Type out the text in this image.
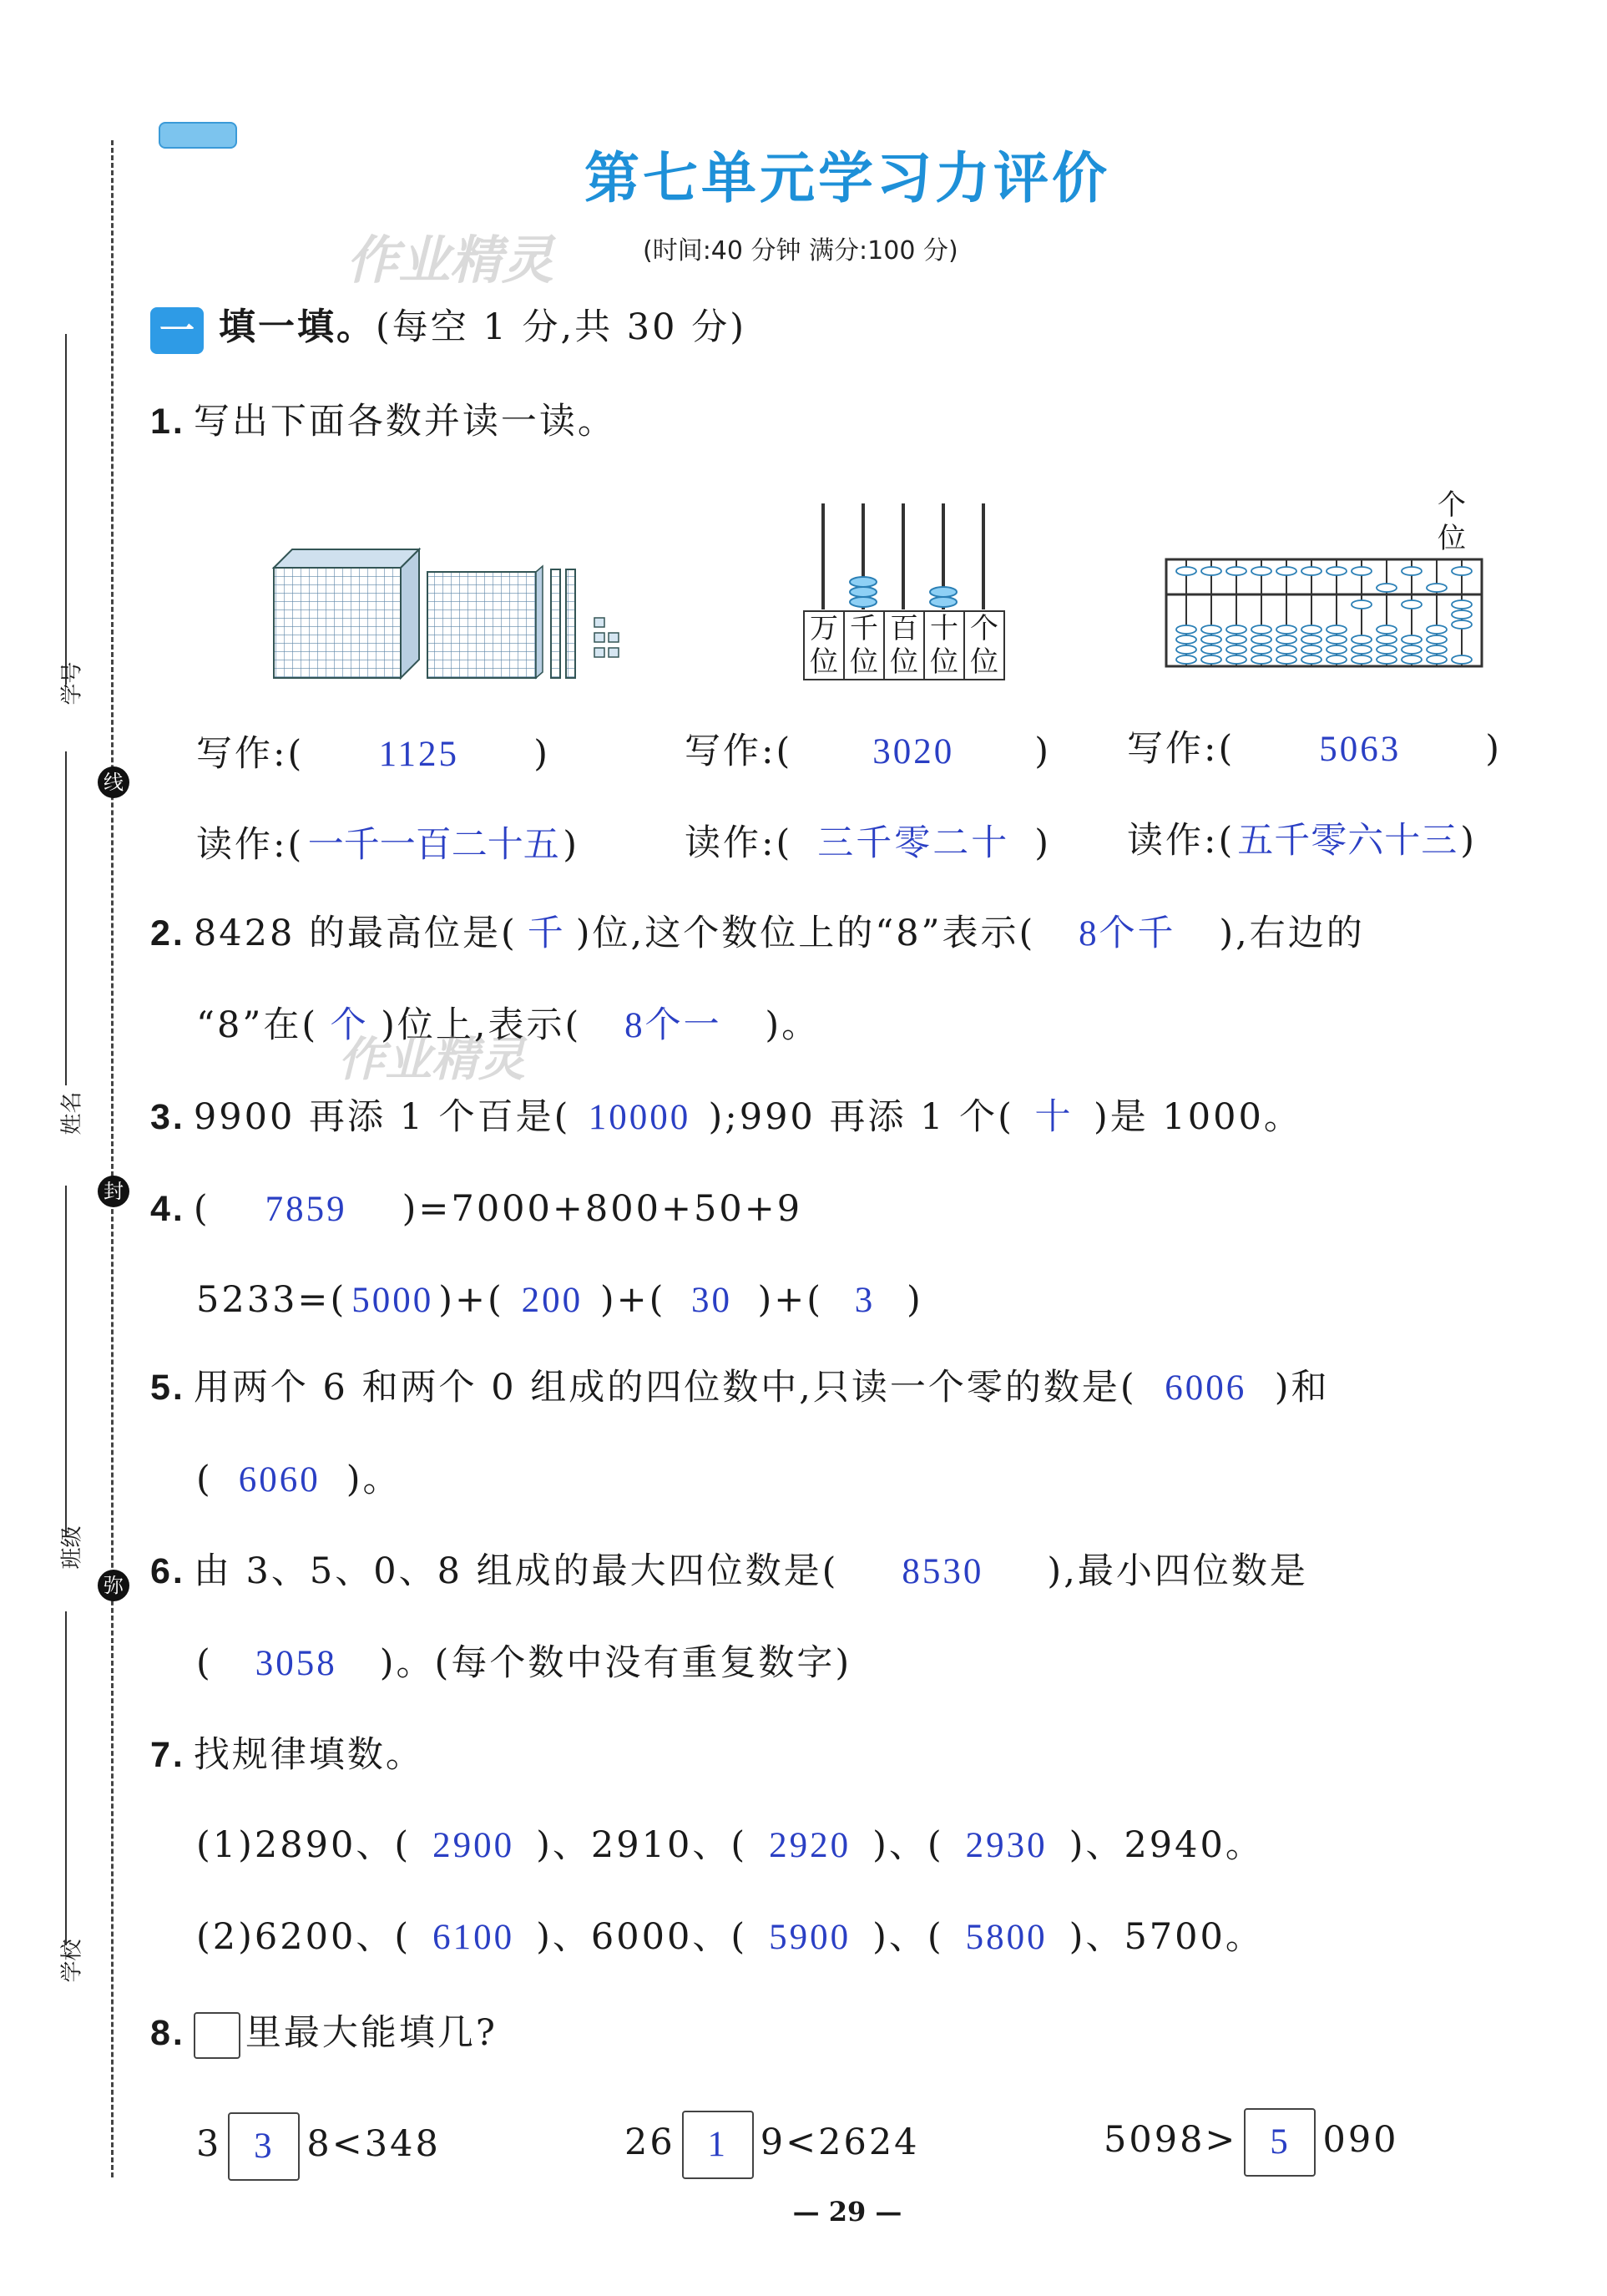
学号
姓名
班级
学校
线
封
弥
第七单元学习力评价
(时间:40 分钟 满分:100 分)
作业精灵
一 填一填。(每空 1 分,共 30 分)
1. 写出下面各数并读一读。
万
位
千
位
百
位
十
位
个
位
个
位
写作:( 1125 )	写作:( 3020 ) 写作:( 5063 )
读作:( 一千一百二十五 )	读作:( 三千零二十 ) 读作:(五千零六十三)
2. 8428 的最高位是( 千 )位,这个数位上的“8”表示( 8个千 ),右边的
“8”在( 个 )位上,表示( 8个一 )。
作业精灵
3. 9900 再添 1 个百是( 10000 );990 再添 1 个( 十 )是 1000。
4. ( 7859 )=7000+800+50+9
5233=( 5000 )+( 200 )+( 30 )+( 3 )
5. 用两个 6 和两个 0 组成的四位数中,只读一个零的数是( 6006 )和
( 6060 )。
6. 由 3、5、0、8 组成的最大四位数是( 8530 ),最小四位数是
( 3058 )。(每个数中没有重复数字)
7. 找规律填数。
(1)2890、( 2900 )、2910、( 2920 )、( 2930 )、2940。
(2)6200、( 6100 )、6000、( 5900 )、( 5800 )、5700。
8. 里最大能填几?
3 3 8<348	26 1 9<2624	5098> 5 090
— 29 —
